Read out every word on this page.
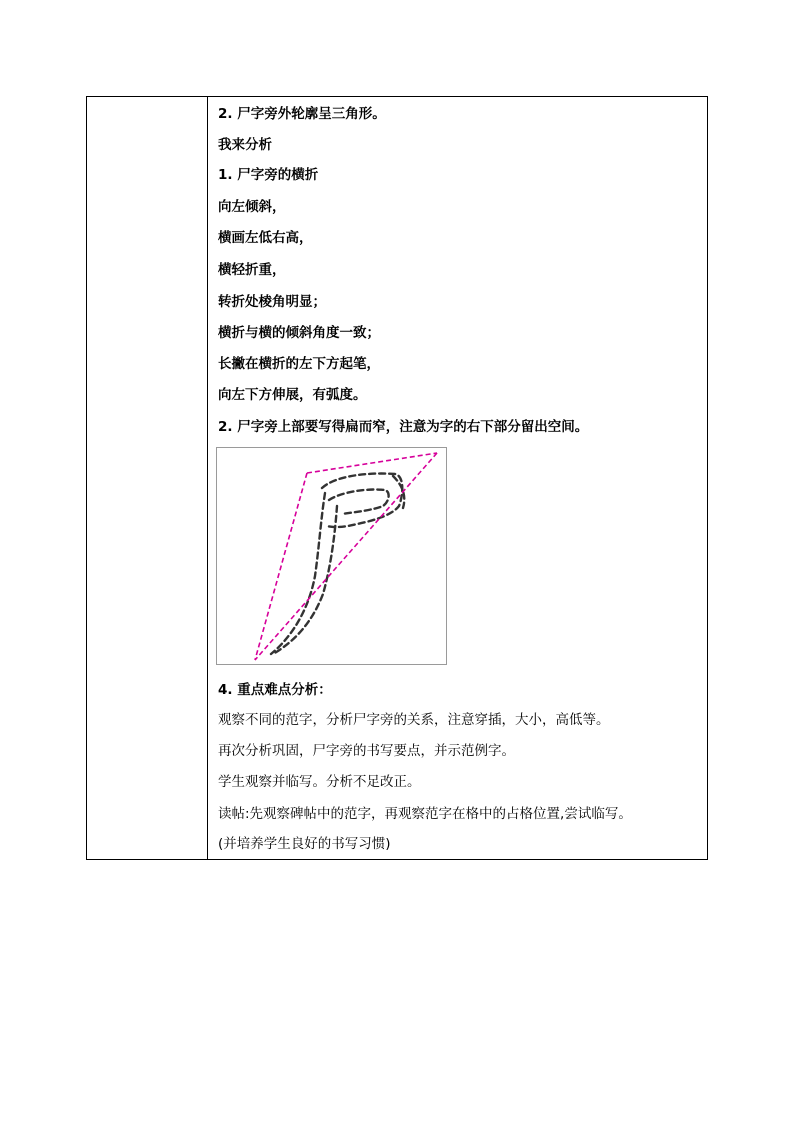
2. 尸字旁外轮廓呈三角形。
我来分析
1. 尸字旁的横折
向左倾斜，
横画左低右高，
横轻折重，
转折处棱角明显；
横折与横的倾斜角度一致；
长撇在横折的左下方起笔，
向左下方伸展，有弧度。
2. 尸字旁上部要写得扁而窄，注意为字的右下部分留出空间。
4. 重点难点分析：
观察不同的范字，分析尸字旁的关系，注意穿插，大小，高低等。
再次分析巩固，尸字旁的书写要点，并示范例字。
学生观察并临写。分析不足改正。
读帖:先观察碑帖中的范字，再观察范字在格中的占格位置,尝试临写。
(并培养学生良好的书写习惯)
